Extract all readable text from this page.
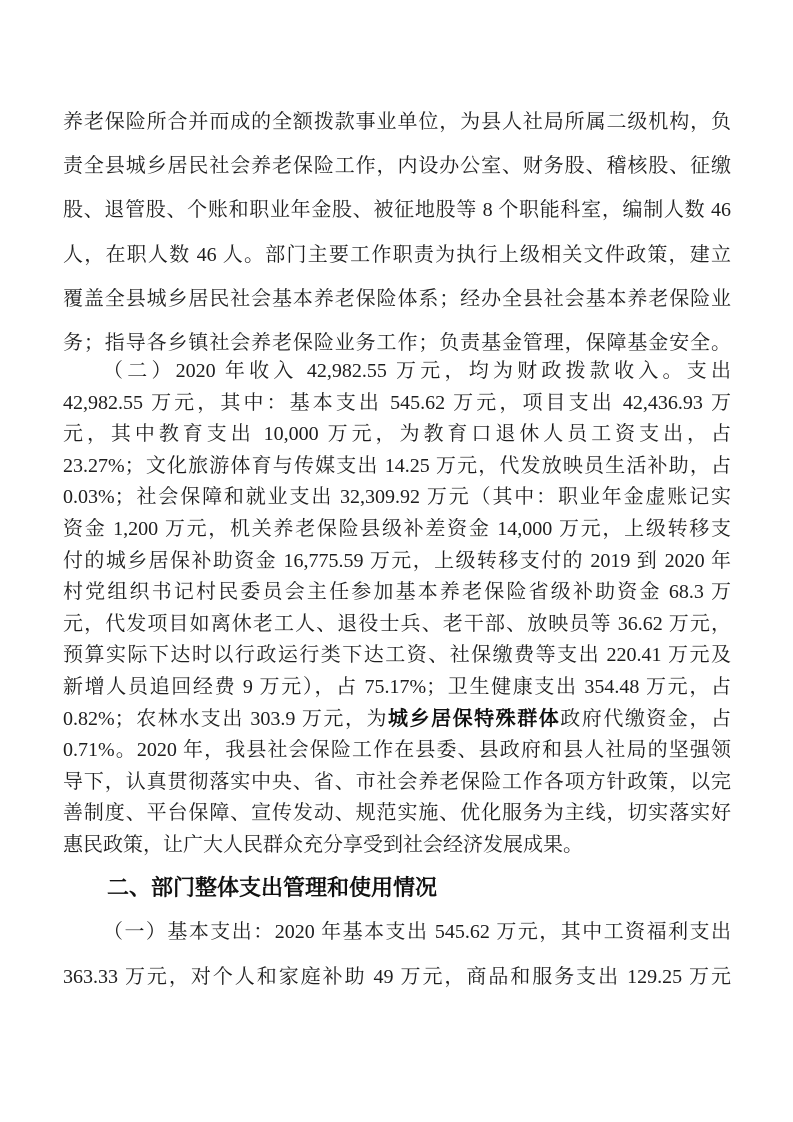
养老保险所合并而成的全额拨款事业单位，为县人社局所属二级机构，负
责全县城乡居民社会养老保险工作，内设办公室、财务股、稽核股、征缴
股、退管股、个账和职业年金股、被征地股等 8 个职能科室，编制人数 46
人，在职人数 46 人。部门主要工作职责为执行上级相关文件政策，建立
覆盖全县城乡居民社会基本养老保险体系；经办全县社会基本养老保险业
务；指导各乡镇社会养老保险业务工作；负责基金管理，保障基金安全。
（二）2020 年收入 42,982.55 万元，均为财政拨款收入。支出
42,982.55 万元，其中：基本支出 545.62 万元，项目支出 42,436.93 万
元，其中教育支出 10,000 万元，为教育口退休人员工资支出，占
23.27%；文化旅游体育与传媒支出 14.25 万元，代发放映员生活补助，占
0.03%；社会保障和就业支出 32,309.92 万元（其中：职业年金虚账记实
资金 1,200 万元，机关养老保险县级补差资金 14,000 万元，上级转移支
付的城乡居保补助资金 16,775.59 万元，上级转移支付的 2019 到 2020 年
村党组织书记村民委员会主任参加基本养老保险省级补助资金 68.3 万
元，代发项目如离休老工人、退役士兵、老干部、放映员等 36.62 万元，
预算实际下达时以行政运行类下达工资、社保缴费等支出 220.41 万元及
新增人员追回经费 9 万元），占 75.17%；卫生健康支出 354.48 万元，占
0.82%；农林水支出 303.9 万元，为城乡居保特殊群体政府代缴资金，占
0.71%。2020 年，我县社会保险工作在县委、县政府和县人社局的坚强领
导下，认真贯彻落实中央、省、市社会养老保险工作各项方针政策，以完
善制度、平台保障、宣传发动、规范实施、优化服务为主线，切实落实好
惠民政策，让广大人民群众充分享受到社会经济发展成果。
二、部门整体支出管理和使用情况
（一）基本支出：2020 年基本支出 545.62 万元，其中工资福利支出
363.33 万元，对个人和家庭补助 49 万元，商品和服务支出 129.25 万元
